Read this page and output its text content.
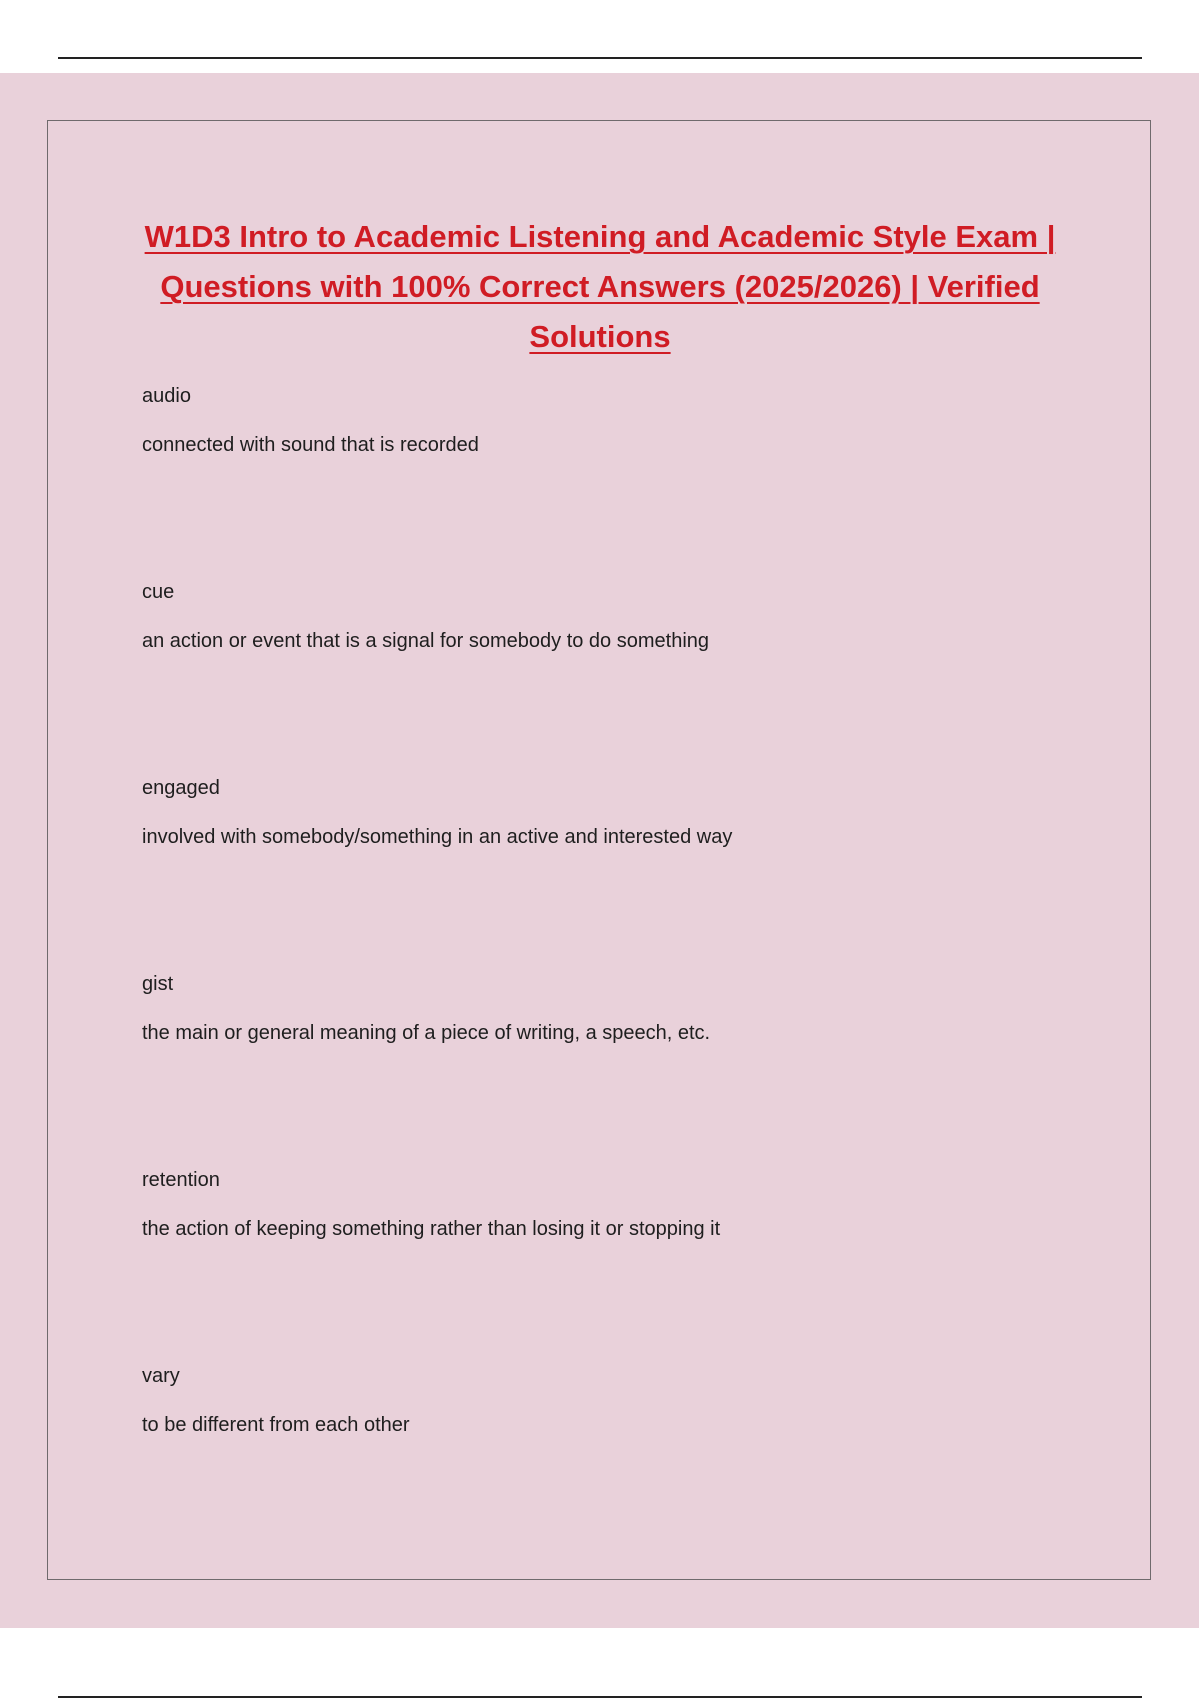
W1D3 Intro to Academic Listening and Academic Style Exam | Questions with 100% Correct Answers (2025/2026) | Verified Solutions

audio

connected with sound that is recorded

cue

an action or event that is a signal for somebody to do something

engaged

involved with somebody/something in an active and interested way

gist

the main or general meaning of a piece of writing, a speech, etc.

retention

the action of keeping something rather than losing it or stopping it

vary

to be different from each other
